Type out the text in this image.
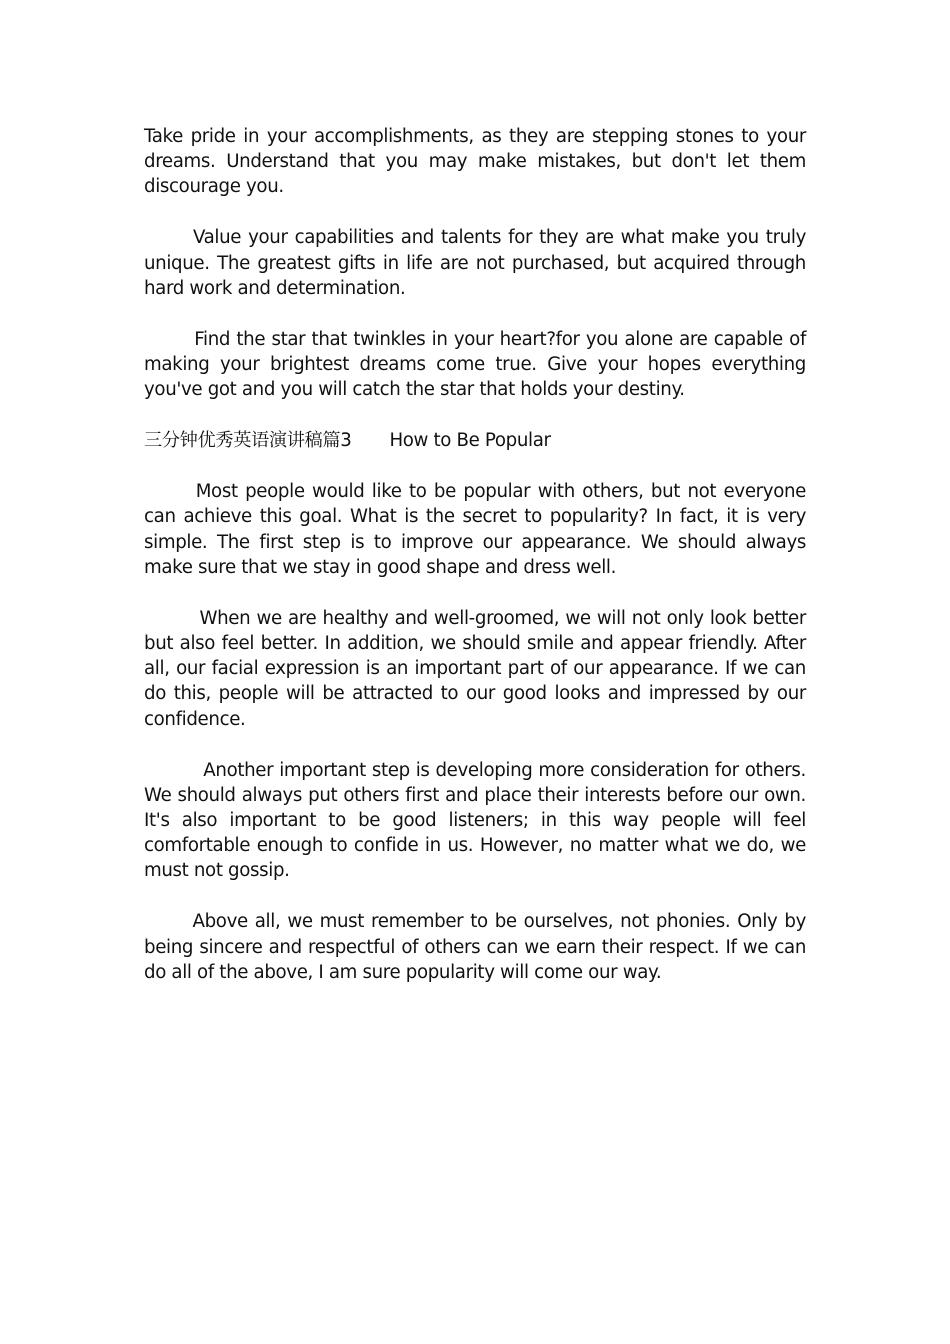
Take pride in your accomplishments, as they are stepping stones to your dreams. Understand that you may make mistakes, but don't let them discourage you.

Value your capabilities and talents for they are what make you truly unique. The greatest gifts in life are not purchased, but acquired through hard work and determination.

Find the star that twinkles in your heart?for you alone are capable of making your brightest dreams come true. Give your hopes everything you've got and you will catch the star that holds your destiny.

三分钟优秀英语演讲稿篇3 How to Be Popular

Most people would like to be popular with others, but not everyone can achieve this goal. What is the secret to popularity? In fact, it is very simple. The first step is to improve our appearance. We should always make sure that we stay in good shape and dress well.

When we are healthy and well-groomed, we will not only look better but also feel better. In addition, we should smile and appear friendly. After all, our facial expression is an important part of our appearance. If we can do this, people will be attracted to our good looks and impressed by our confidence.

Another important step is developing more consideration for others. We should always put others first and place their interests before our own. It's also important to be good listeners; in this way people will feel comfortable enough to confide in us. However, no matter what we do, we must not gossip.

Above all, we must remember to be ourselves, not phonies. Only by being sincere and respectful of others can we earn their respect. If we can do all of the above, I am sure popularity will come our way.
